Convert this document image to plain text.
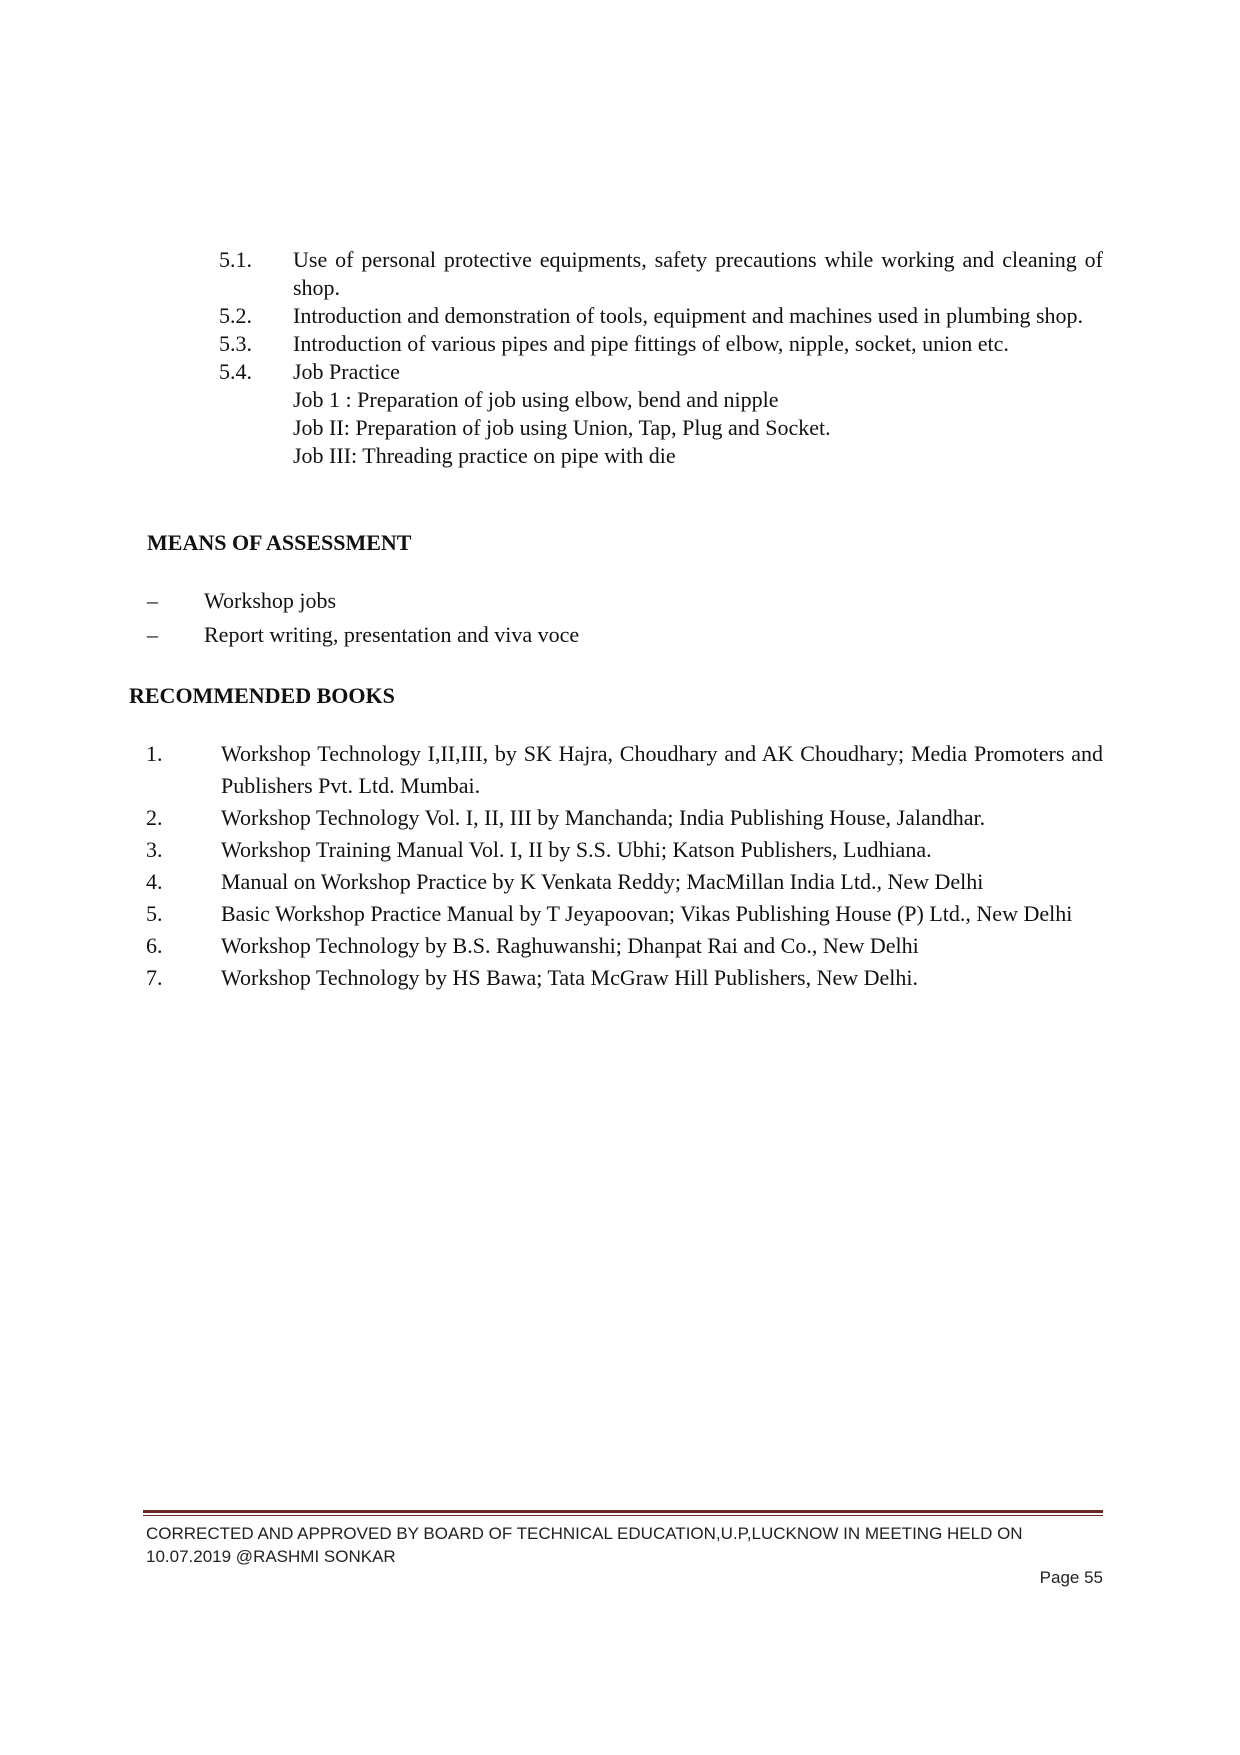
5.1.	Use of personal protective equipments, safety precautions while working and cleaning of shop.
5.2.	Introduction and demonstration of tools, equipment and machines used in plumbing shop.
5.3.	Introduction of various pipes and pipe fittings of elbow, nipple, socket, union etc.
5.4.	Job Practice
Job 1 : Preparation of job using elbow, bend and nipple
Job II: Preparation of job using Union, Tap, Plug and Socket.
Job III: Threading practice on pipe with die
MEANS OF ASSESSMENT
–	Workshop jobs
–	Report writing, presentation and viva voce
RECOMMENDED BOOKS
1.	Workshop Technology I,II,III, by SK Hajra, Choudhary and AK Choudhary; Media Promoters and Publishers Pvt. Ltd. Mumbai.
2.	Workshop Technology Vol. I, II, III by Manchanda; India Publishing House, Jalandhar.
3.	Workshop Training Manual Vol. I, II by S.S. Ubhi; Katson Publishers, Ludhiana.
4.	Manual on Workshop Practice by K Venkata Reddy; MacMillan India Ltd., New Delhi
5.	Basic Workshop Practice Manual by T Jeyapoovan; Vikas Publishing House (P) Ltd., New Delhi
6.	Workshop Technology by B.S. Raghuwanshi; Dhanpat Rai and Co., New Delhi
7.	Workshop Technology by HS Bawa; Tata McGraw Hill Publishers, New Delhi.
CORRECTED AND APPROVED BY BOARD OF TECHNICAL EDUCATION,U.P,LUCKNOW IN MEETING HELD ON
10.07.2019 @RASHMI SONKAR
Page 55
